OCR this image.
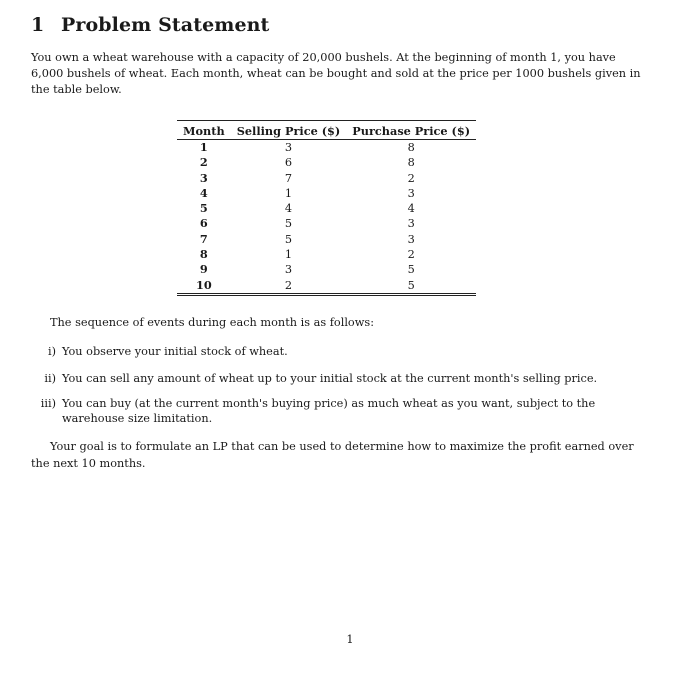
1 Problem Statement
You own a wheat warehouse with a capacity of 20,000 bushels. At the beginning of month 1, you have 6,000 bushels of wheat. Each month, wheat can be bought and sold at the price per 1000 bushels given in the table below.
Month	Selling Price ($)	Purchase Price ($)
1	3	8
2	6	8
3	7	2
4	1	3
5	4	4
6	5	3
7	5	3
8	1	2
9	3	5
10	2	5
The sequence of events during each month is as follows:
i) You observe your initial stock of wheat.
ii) You can sell any amount of wheat up to your initial stock at the current month's selling price.
iii) You can buy (at the current month's buying price) as much wheat as you want, subject to the warehouse size limitation.
Your goal is to formulate an LP that can be used to determine how to maximize the profit earned over the next 10 months.
1
